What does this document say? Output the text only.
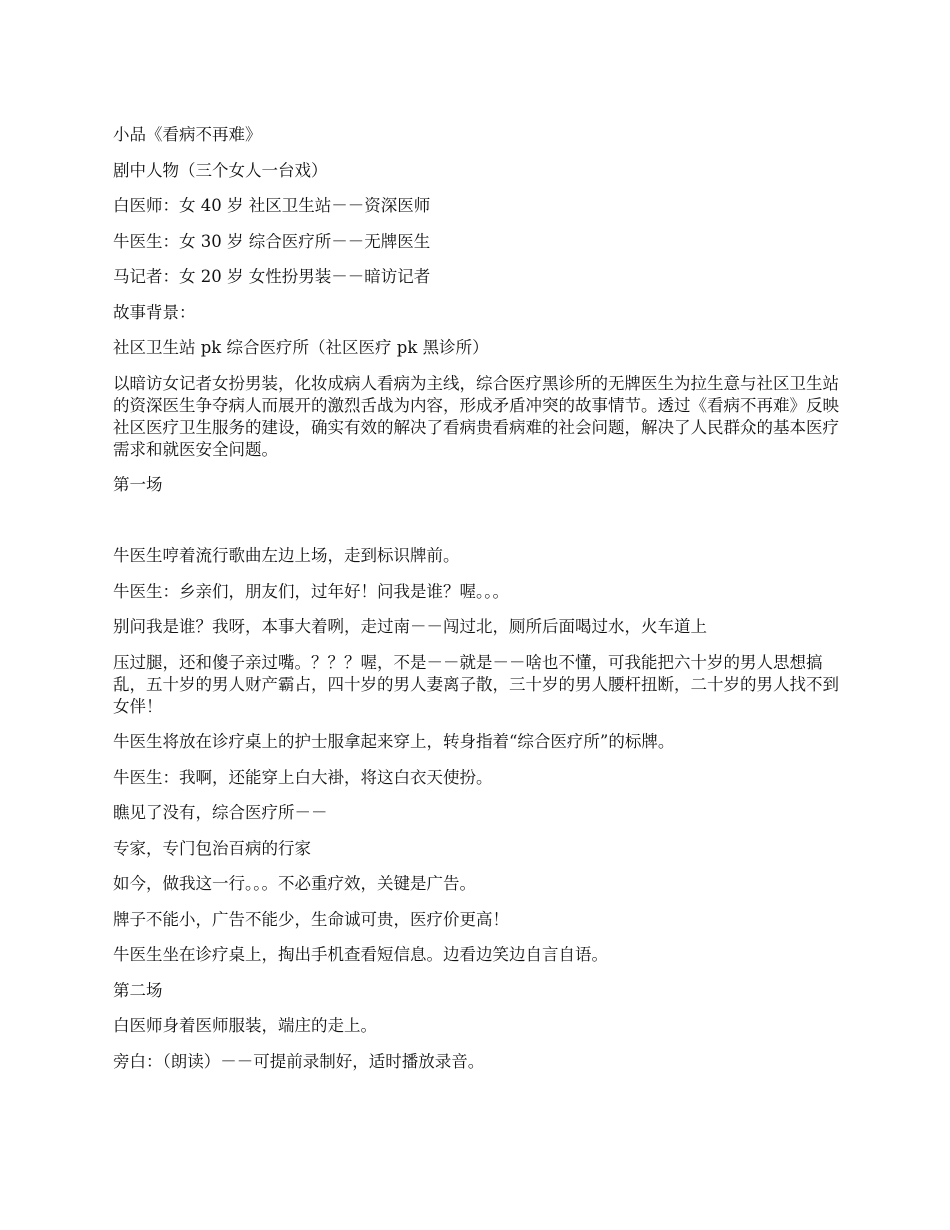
小品《看病不再难》

剧中人物（三个女人一台戏）

白医师：女 40 岁 社区卫生站－－资深医师

牛医生：女 30 岁 综合医疗所－－无牌医生

马记者：女 20 岁 女性扮男装－－暗访记者

故事背景：

社区卫生站 pk 综合医疗所（社区医疗 pk 黑诊所）

以暗访女记者女扮男装，化妆成病人看病为主线，综合医疗黑诊所的无牌医生为拉生意与社区卫生站的资深医生争夺病人而展开的激烈舌战为内容，形成矛盾冲突的故事情节。透过《看病不再难》反映社区医疗卫生服务的建设，确实有效的解决了看病贵看病难的社会问题，解决了人民群众的基本医疗需求和就医安全问题。

第一场

牛医生哼着流行歌曲左边上场，走到标识牌前。

牛医生：乡亲们，朋友们，过年好！问我是谁？喔。。。

别问我是谁？我呀，本事大着咧，走过南－－闯过北，厕所后面喝过水，火车道上

压过腿，还和傻子亲过嘴。？？？喔，不是－－就是－－啥也不懂，可我能把六十岁的男人思想搞乱，五十岁的男人财产霸占，四十岁的男人妻离子散，三十岁的男人腰杆扭断，二十岁的男人找不到女伴！

牛医生将放在诊疗桌上的护士服拿起来穿上，转身指着“综合医疗所”的标牌。

牛医生：我啊，还能穿上白大褂，将这白衣天使扮。

瞧见了没有，综合医疗所－－

专家，专门包治百病的行家

如今，做我这一行。。。不必重疗效，关键是广告。

牌子不能小，广告不能少，生命诚可贵，医疗价更高！

牛医生坐在诊疗桌上，掏出手机查看短信息。边看边笑边自言自语。

第二场

白医师身着医师服装，端庄的走上。

旁白：（朗读）－－可提前录制好，适时播放录音。
